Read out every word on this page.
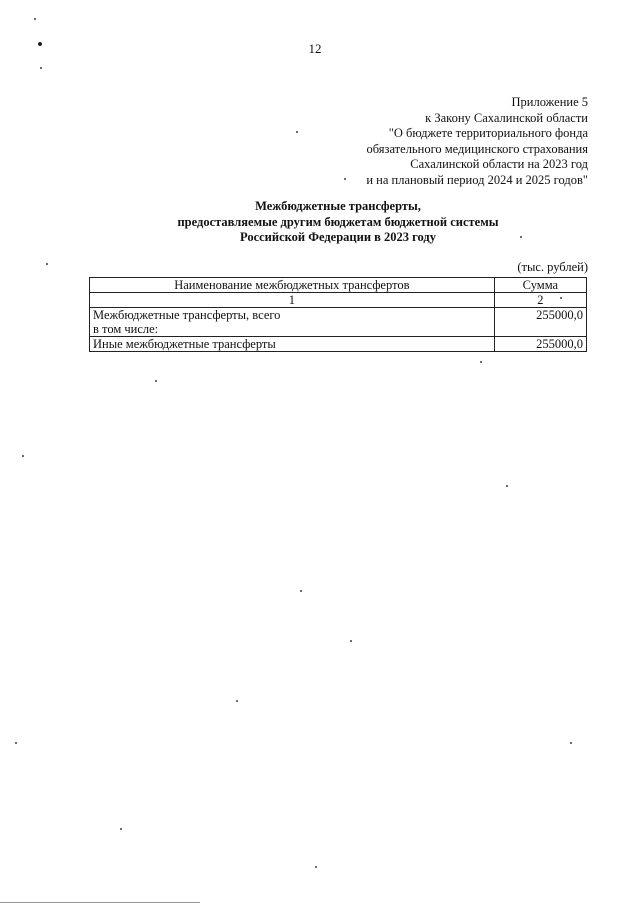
12
Приложение 5
к Закону Сахалинской области
"О бюджете территориального фонда
обязательного медицинского страхования
Сахалинской области на 2023 год
и на плановый период 2024 и 2025 годов"
Межбюджетные трансферты,
предоставляемые другим бюджетам бюджетной системы
Российской Федерации в 2023 году
(тыс. рублей)
Наименование межбюджетных трансфертов	Сумма
1	2

Межбюджетные трансферты, всего
в том числе:	255000,0
Иные межбюджетные трансферты	255000,0
